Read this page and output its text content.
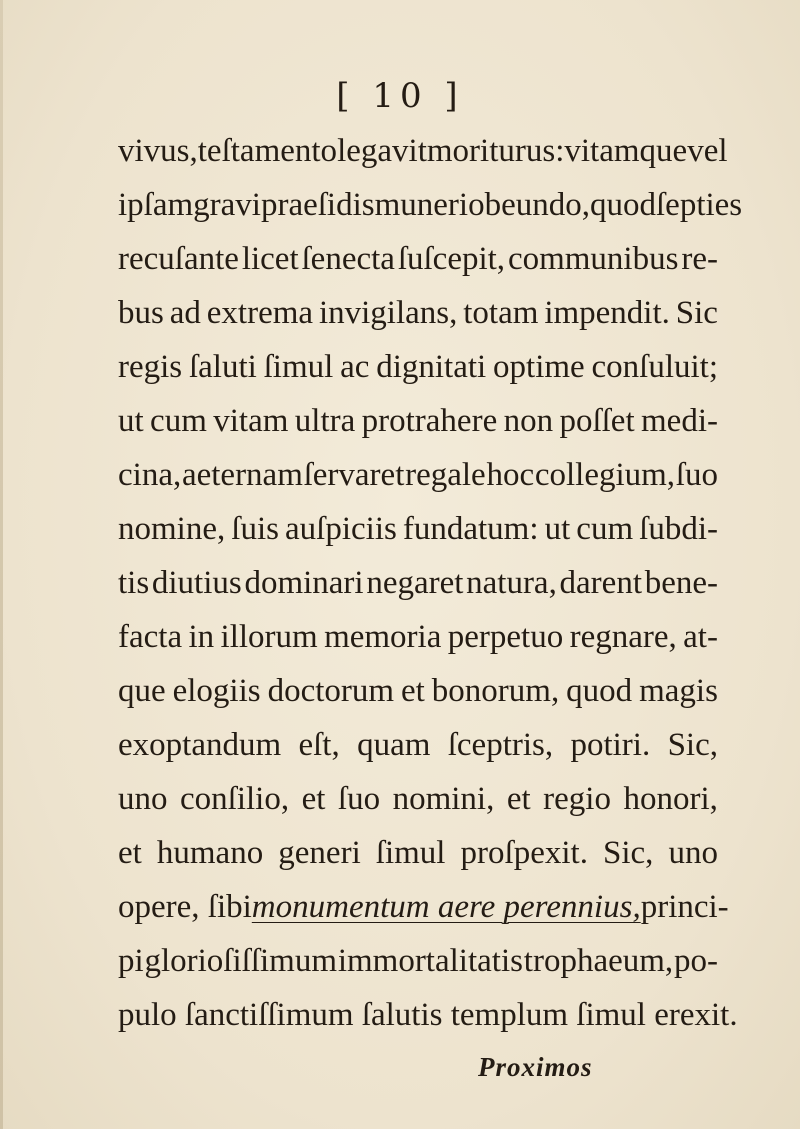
[ 10 ]
vivus, teſtamento legavit moriturus: vitamque vel
ipſam gravi praeſidis muneri obeundo, quod ſepties
recuſante licet ſenecta ſuſcepit, communibus re-
bus ad extrema invigilans, totam impendit. Sic
regis ſaluti ſimul ac dignitati optime conſuluit;
ut cum vitam ultra protrahere non poſſet medi-
cina, aeternam ſervaret regale hoc collegium, ſuo
nomine, ſuis auſpiciis fundatum: ut cum ſubdi-
tis diutius dominari negaret natura, darent bene-
facta in illorum memoria perpetuo regnare, at-
que elogiis doctorum et bonorum, quod magis
exoptandum eſt, quam ſceptris, potiri. Sic,
uno conſilio, et ſuo nomini, et regio honori,
et humano generi ſimul proſpexit. Sic, uno
opere, ſibi monumentum aere perennius, princi-
pi glorioſiſſimum immortalitatis trophaeum, po-
pulo ſanctiſſimum ſalutis templum ſimul erexit.
Proximos
